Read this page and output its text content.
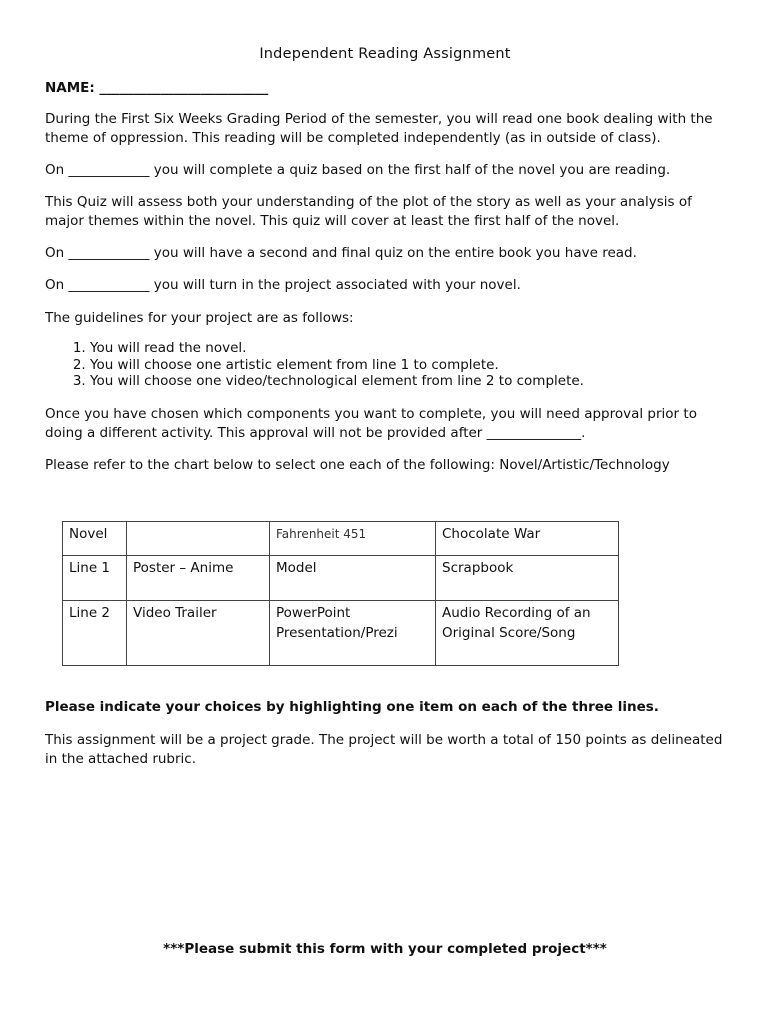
Independent Reading Assignment
NAME: _________________________

During the First Six Weeks Grading Period of the semester, you will read one book dealing with the theme of oppression. This reading will be completed independently (as in outside of class).

On ____________ you will complete a quiz based on the first half of the novel you are reading.

This Quiz will assess both your understanding of the plot of the story as well as your analysis of major themes within the novel. This quiz will cover at least the first half of the novel.

On ____________ you will have a second and final quiz on the entire book you have read.

On ____________ you will turn in the project associated with your novel.

The guidelines for your project are as follows:

1. You will read the novel.
2. You will choose one artistic element from line 1 to complete.
3. You will choose one video/technological element from line 2 to complete.

Once you have chosen which components you want to complete, you will need approval prior to doing a different activity. This approval will not be provided after ______________.

Please refer to the chart below to select one each of the following: Novel/Artistic/Technology

Novel		Fahrenheit 451	Chocolate War
Line 1	Poster – Anime	Model	Scrapbook
Line 2	Video Trailer	PowerPoint Presentation/Prezi	Audio Recording of an Original Score/Song

Please indicate your choices by highlighting one item on each of the three lines.

This assignment will be a project grade. The project will be worth a total of 150 points as delineated in the attached rubric.

***Please submit this form with your completed project***
